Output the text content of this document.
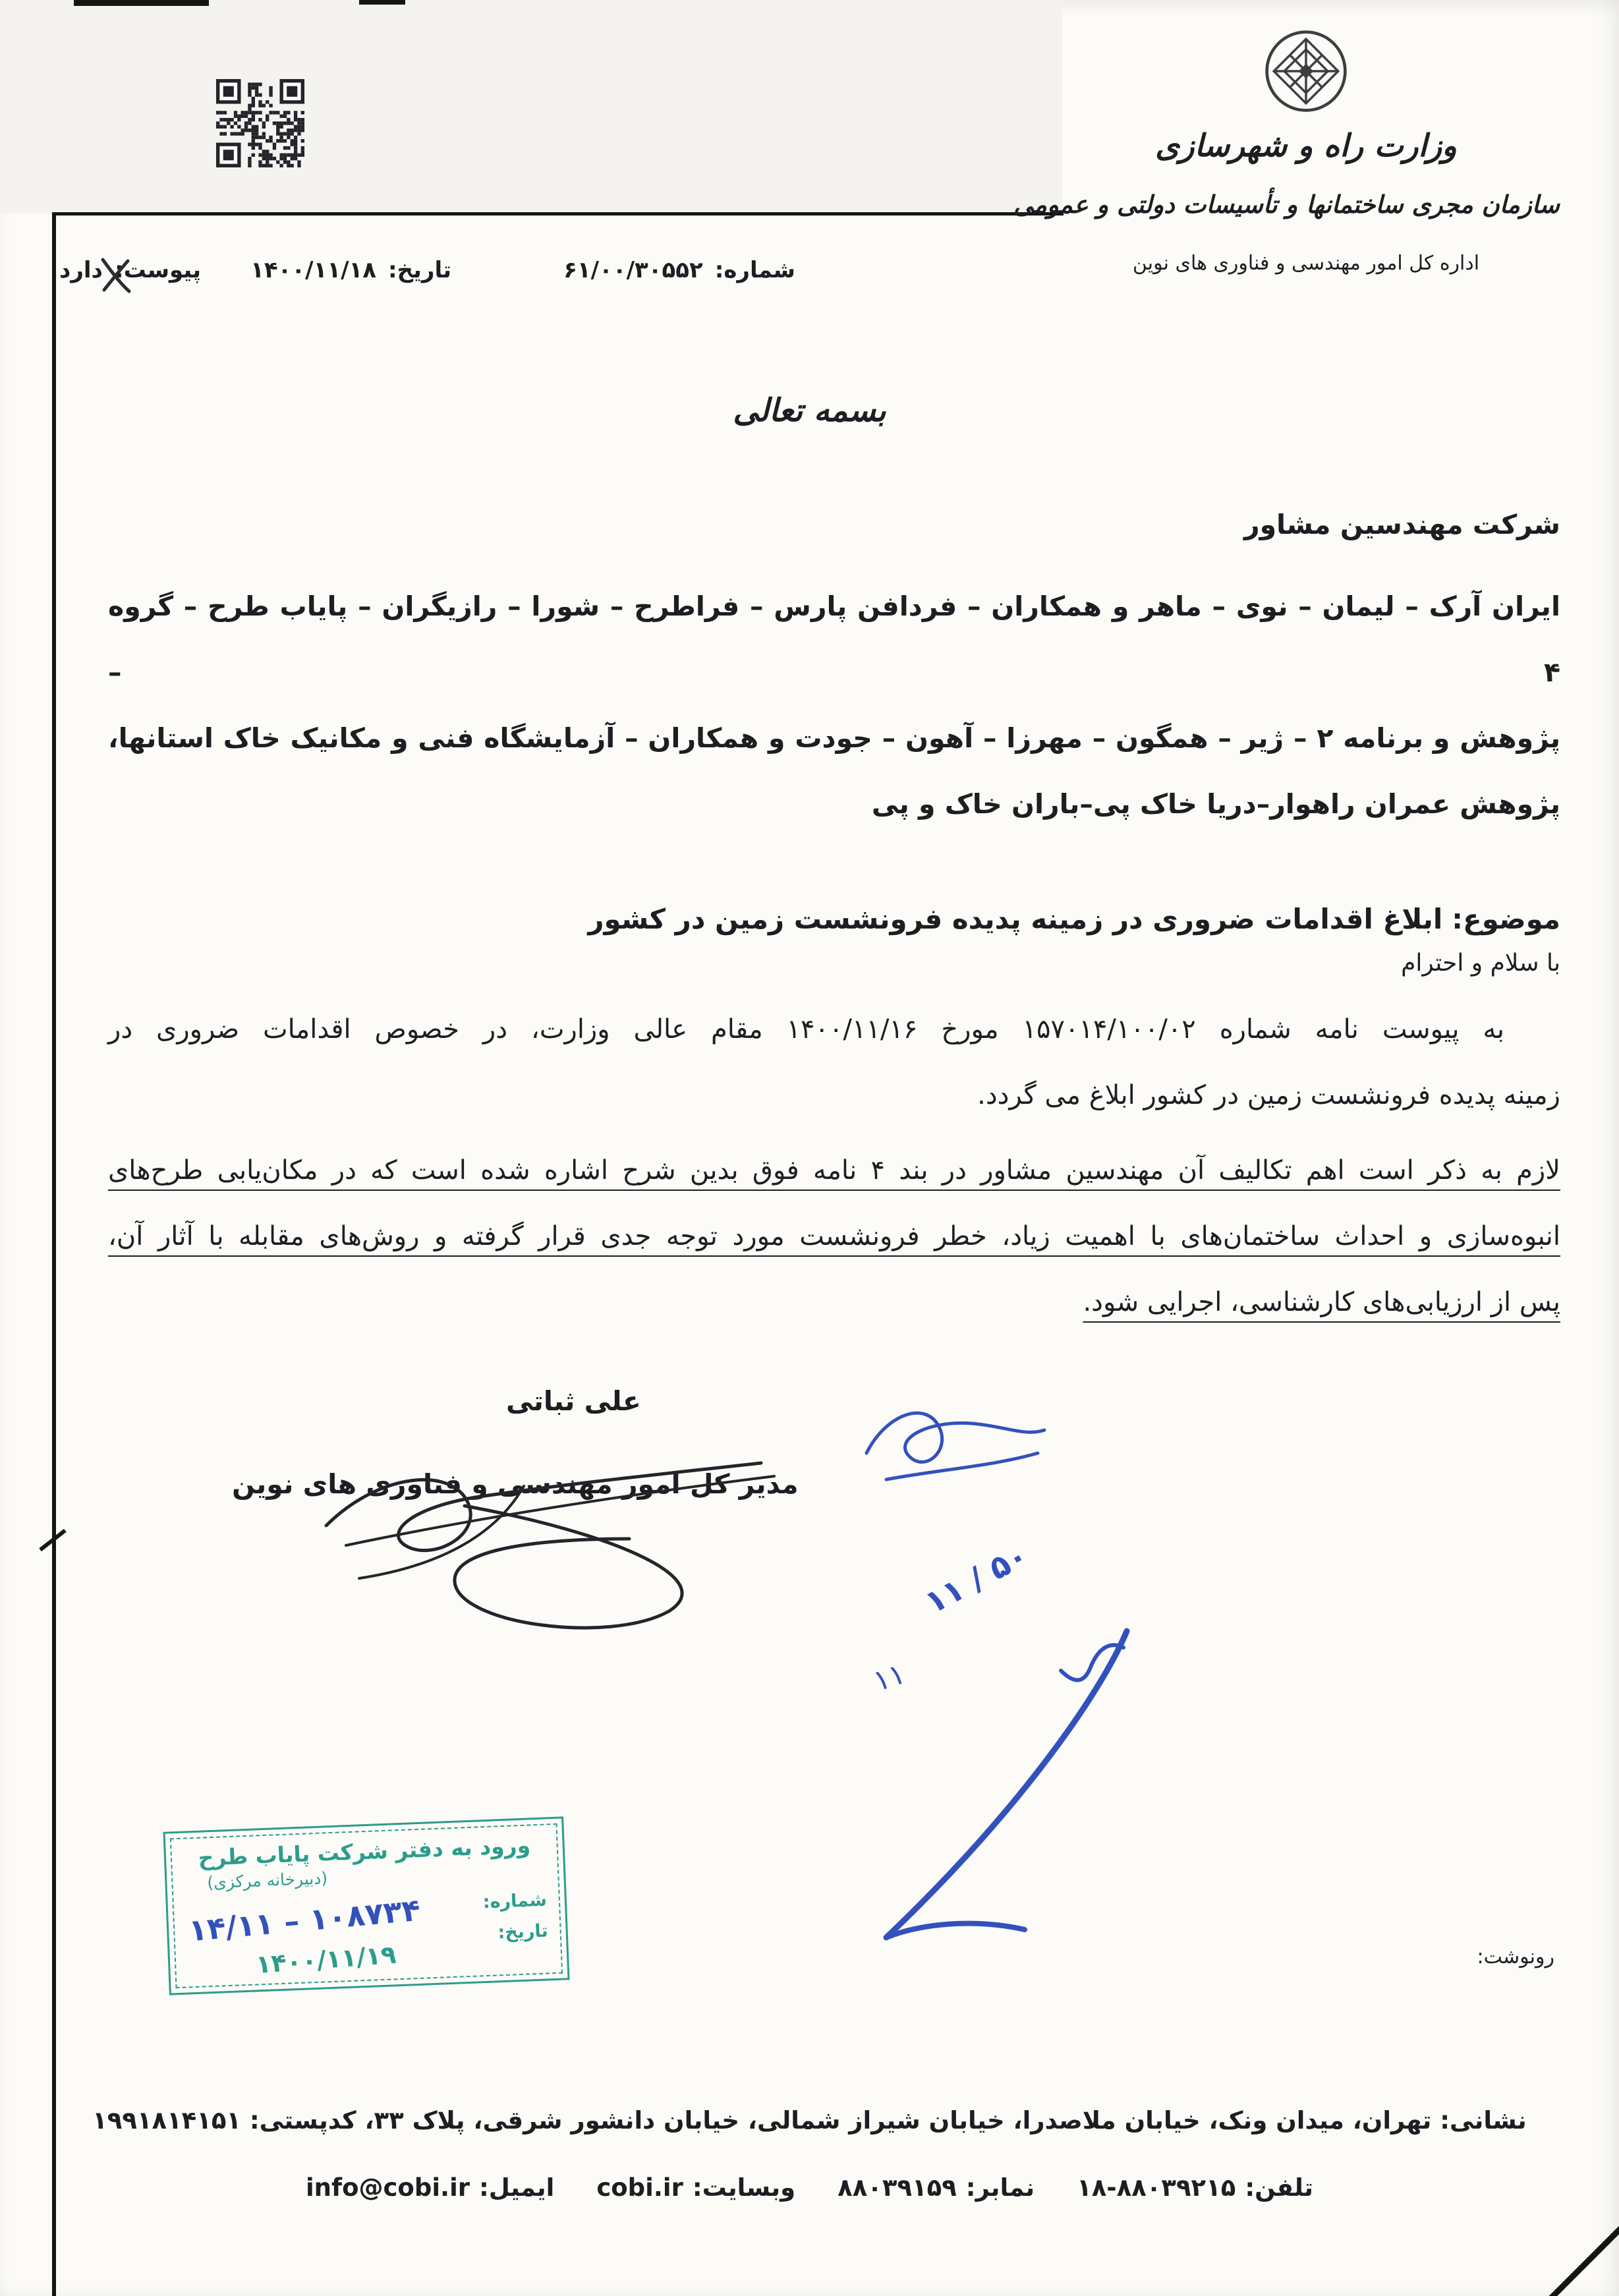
وزارت راه و شهرسازی
سازمان مجری ساختمانها و تأسیسات دولتی و عمومی
اداره کل امور مهندسی و فناوری های نوین
شماره:۶۱/۰۰/۳۰۵۵۲
تاریخ:۱۴۰۰/۱۱/۱۸
پیوست:دارد
بسمه تعالی
شرکت مهندسین مشاور
ایران آرک – لیمان – نوی – ماهر و همکاران – فردافن پارس – فراطرح – شورا – رازیگران – پایاب طرح – گروه ۴ –
پژوهش و برنامه ۲ – ژیر – همگون – مهرزا – آهون – جودت و همکاران – آزمایشگاه فنی و مکانیک خاک استانها،
پژوهش عمران راهوار–دریا خاک پی–باران خاک و پی
موضوع:ابلاغ اقدامات ضروری در زمینه پدیده فرونشست زمین در کشور
با سلام و احترام
به پیوست نامه شماره ۱۵۷۰۱۴/۱۰۰/۰۲ مورخ ۱۴۰۰/۱۱/۱۶ مقام عالی وزارت، در خصوص اقدامات ضروری در
زمینه پدیده فرونشست زمین در کشور ابلاغ می گردد.
لازم به ذکر است اهم تکالیف آن مهندسین مشاور در بند ۴ نامه فوق بدین شرح اشاره شده است که در مکان‌یابی طرح‌های
انبوه‌سازی و احداث ساختمان‌های با اهمیت زیاد، خطر فرونشست مورد توجه جدی قرار گرفته و روش‌های مقابله با آثار آن،
پس از ارزیابی‌های کارشناسی، اجرایی شود.
علی ثباتی
مدیر کل امور مهندسی و فناوری های نوین
۵۰ / ۱۱
۱۱
ورود به دفتر شرکت پایاب طرح
(دبیرخانه مرکزی)
شماره:
تاریخ:
۱۰۸۷۳۴ – ۱۴/۱۱
۱۴۰۰/۱۱/۱۹	رونوشت:
نشانی: تهران، میدان ونک، خیابان ملاصدرا، خیابان شیراز شمالی، خیابان دانشور شرقی، پلاک ۳۳، کدپستی: ۱۹۹۱۸۱۴۱۵۱
تلفن:۸۸۰۳۹۲۱۵-۱۸
نمابر:۸۸۰۳۹۱۵۹
وبسایت:cobi.ir
ایمیل:info@cobi.ir
